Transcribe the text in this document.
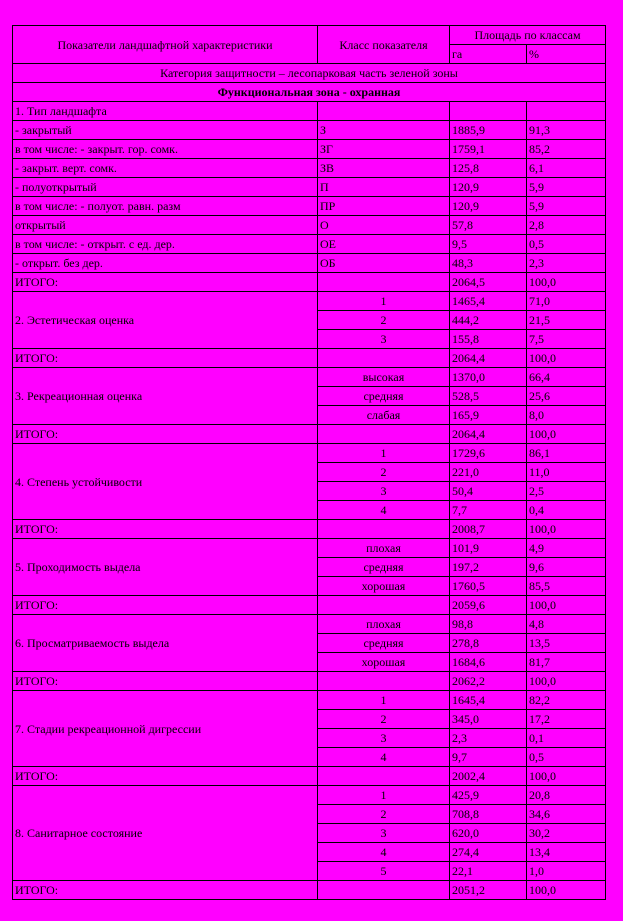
Показатели ландшафтной характеристики	Класс показателя	Площадь по классам	
		га	%
Категория защитности – лесопарковая часть зеленой зоны			
Функциональная зона - охранная			
1. Тип ландшафта			
- закрытый	З	1885,9	91,3
в том числе: - закрыт. гор. сомк.	ЗГ	1759,1	85,2
- закрыт. верт. сомк.	ЗВ	125,8	6,1
- полуоткрытый	П	120,9	5,9
в том числе: - полуот. равн. разм	ПР	120,9	5,9
открытый	О	57,8	2,8
в том числе: - открыт. с ед. дер.	ОЕ	9,5	0,5
- открыт. без дер.	ОБ	48,3	2,3
ИТОГО:		2064,5	100,0
2. Эстетическая оценка	1	1465,4	71,0
	2	444,2	21,5
	3	155,8	7,5
ИТОГО:		2064,4	100,0
3. Рекреационная оценка	высокая	1370,0	66,4
	средняя	528,5	25,6
	слабая	165,9	8,0
ИТОГО:		2064,4	100,0
4. Степень устойчивости	1	1729,6	86,1
	2	221,0	11,0
	3	50,4	2,5
	4	7,7	0,4
ИТОГО:		2008,7	100,0
5. Проходимость выдела	плохая	101,9	4,9
	средняя	197,2	9,6
	хорошая	1760,5	85,5
ИТОГО:		2059,6	100,0
6. Просматриваемость выдела	плохая	98,8	4,8
	средняя	278,8	13,5
	хорошая	1684,6	81,7
ИТОГО:		2062,2	100,0
7. Стадии рекреационной дигрессии	1	1645,4	82,2
	2	345,0	17,2
	3	2,3	0,1
	4	9,7	0,5
ИТОГО:		2002,4	100,0
8. Санитарное состояние	1	425,9	20,8
	2	708,8	34,6
	3	620,0	30,2
	4	274,4	13,4
	5	22,1	1,0
ИТОГО:		2051,2	100,0
